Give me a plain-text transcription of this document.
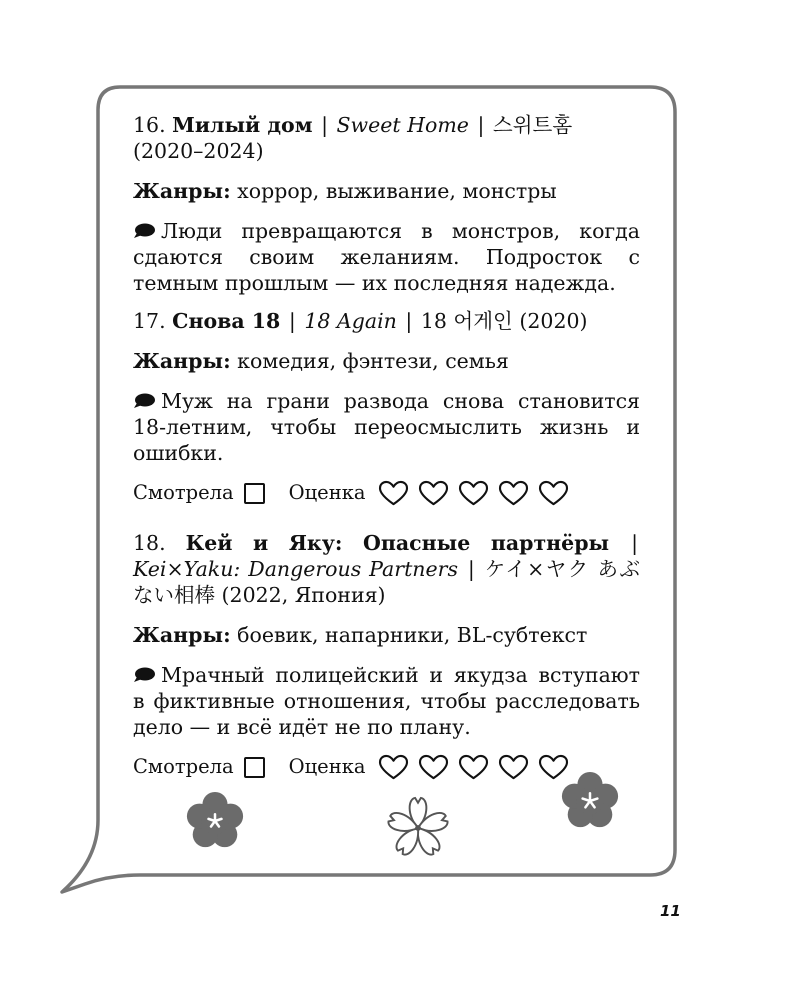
16. Милый дом | Sweet Home | 스위트홈 (2020–2024)
Жанры: хоррор, выживание, монстры
Люди превращаются в монстров, когда сдаются своим желаниям. Подросток с темным прошлым — их последняя надежда.
17. Снова 18 | 18 Again | 18 어게인 (2020)
Жанры: комедия, фэнтези, семья
Муж на грани развода снова становится 18-летним, чтобы переосмыслить жизнь и ошибки.
Смотрела	Оценка
18. Кей и Яку: Опасные партнёры | Kei×Yaku: Dangerous Partners | ケイ×ヤク あぶない相棒 (2022, Япония)
Жанры: боевик, напарники, BL-субтекст
Мрачный полицейский и якудза вступают в фиктивные отношения, чтобы расследовать дело — и всё идёт не по плану.
Смотрела	Оценка
11
